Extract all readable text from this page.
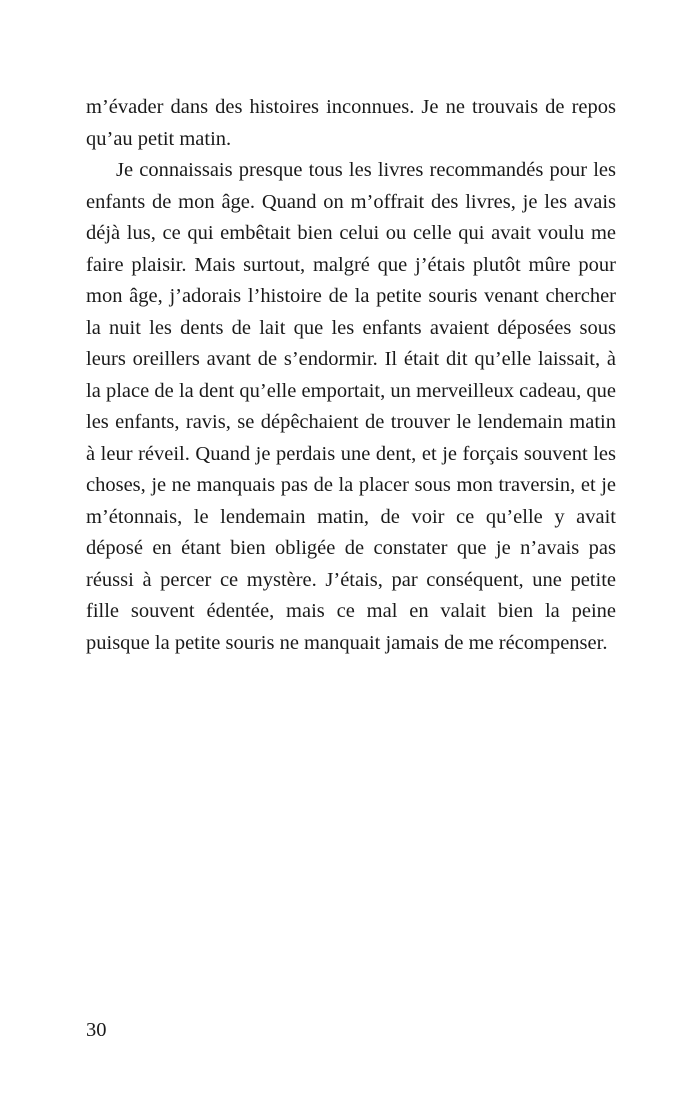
m’évader dans des histoires inconnues. Je ne trouvais de repos qu’au petit matin.

Je connaissais presque tous les livres recommandés pour les enfants de mon âge. Quand on m’offrait des livres, je les avais déjà lus, ce qui embêtait bien celui ou celle qui avait voulu me faire plaisir. Mais surtout, malgré que j’étais plutôt mûre pour mon âge, j’adorais l’histoire de la petite souris venant chercher la nuit les dents de lait que les enfants avaient déposées sous leurs oreillers avant de s’endormir. Il était dit qu’elle laissait, à la place de la dent qu’elle emportait, un merveilleux cadeau, que les enfants, ravis, se dépêchaient de trouver le lendemain matin à leur réveil. Quand je perdais une dent, et je forçais souvent les choses, je ne manquais pas de la placer sous mon traversin, et je m’étonnais, le lendemain matin, de voir ce qu’elle y avait déposé en étant bien obligée de constater que je n’avais pas réussi à percer ce mystère. J’étais, par conséquent, une petite fille souvent édentée, mais ce mal en valait bien la peine puisque la petite souris ne manquait jamais de me récompenser.

30
